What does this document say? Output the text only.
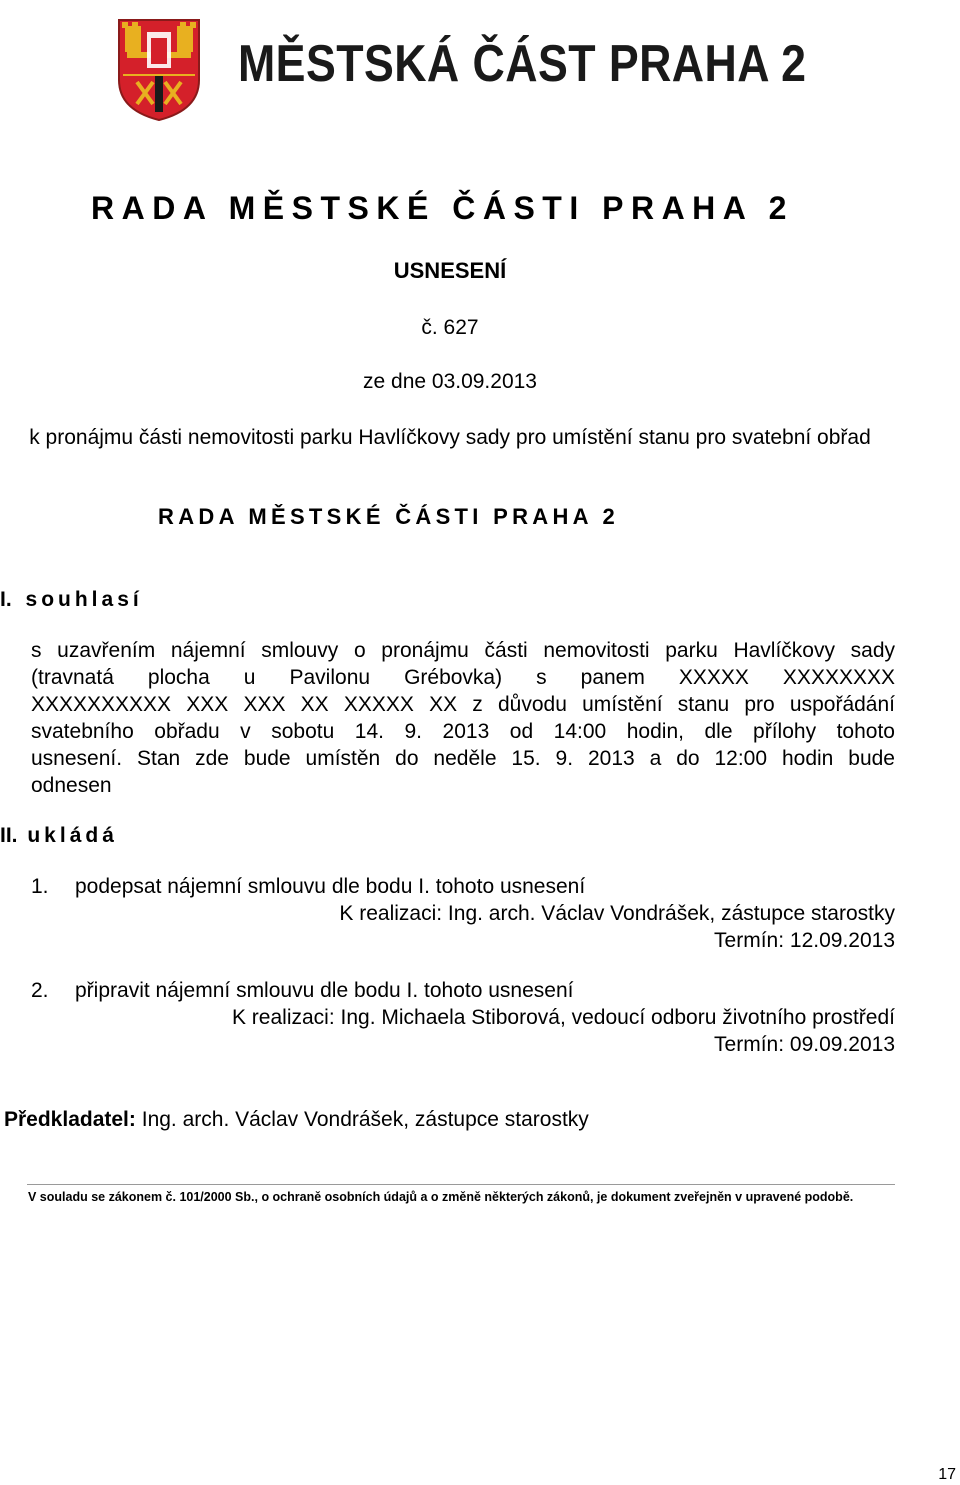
MĚSTSKÁ ČÁST PRAHA 2
RADA MĚSTSKÉ ČÁSTI PRAHA 2
USNESENÍ
č. 627
ze dne 03.09.2013
k pronájmu části nemovitosti parku Havlíčkovy sady pro umístění stanu pro svatební obřad
RADA MĚSTSKÉ ČÁSTI PRAHA 2
I. souhlasí
s uzavřením nájemní smlouvy o pronájmu části nemovitosti parku Havlíčkovy sady
(travnatá plocha u Pavilonu Grébovka) s panem XXXXX XXXXXXXX
XXXXXXXXXX XXX XXX XX XXXXX XX z důvodu umístění stanu pro uspořádání
svatebního obřadu v sobotu 14. 9. 2013 od 14:00 hodin, dle přílohy tohoto
usnesení. Stan zde bude umístěn do neděle 15. 9. 2013 a do 12:00 hodin bude
odnesen
II. ukládá
1. podepsat nájemní smlouvu dle bodu I. tohoto usnesení
K realizaci: Ing. arch. Václav Vondrášek, zástupce starostky
Termín: 12.09.2013
2. připravit nájemní smlouvu dle bodu I. tohoto usnesení
K realizaci: Ing. Michaela Stiborová, vedoucí odboru životního prostředí
Termín: 09.09.2013
Předkladatel: Ing. arch. Václav Vondrášek, zástupce starostky
V souladu se zákonem č. 101/2000 Sb., o ochraně osobních údajů a o změně některých zákonů, je dokument zveřejněn v upravené podobě.
17
